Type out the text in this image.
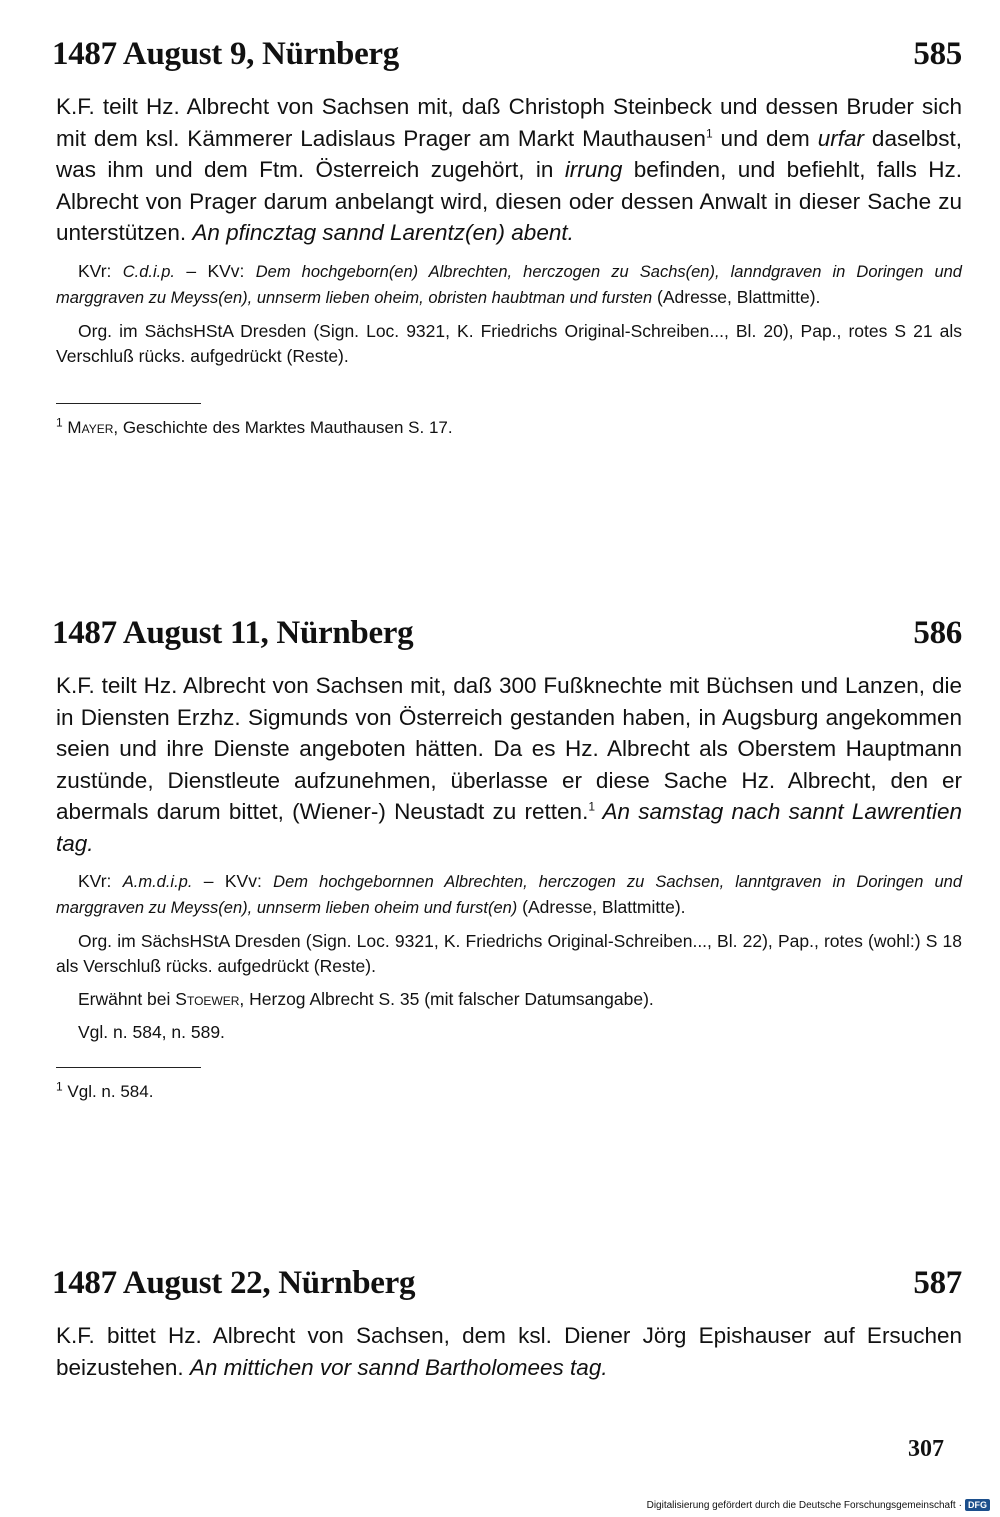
1487 August 9, Nürnberg	585

K.F. teilt Hz. Albrecht von Sachsen mit, daß Christoph Steinbeck und dessen Bruder sich mit dem ksl. Kämmerer Ladislaus Prager am Markt Mauthausen$^1$ und dem urfar daselbst, was ihm und dem Ftm. Österreich zugehört, in irrung befinden, und befiehlt, falls Hz. Albrecht von Prager darum anbelangt wird, diesen oder dessen Anwalt in dieser Sache zu unterstützen. An pfincztag sannd Larentz(en) abent.

KVr: C.d.i.p. – KVv: Dem hochgeborn(en) Albrechten, herczogen zu Sachs(en), lanndgraven in Doringen und marggraven zu Meyss(en), unnserm lieben oheim, obristen haubtman und fursten (Adresse, Blattmitte).

Org. im SächsHStA Dresden (Sign. Loc. 9321, K. Friedrichs Original-Schreiben..., Bl. 20), Pap., rotes S 21 als Verschluß rücks. aufgedrückt (Reste).

$^1$ Mayer, Geschichte des Marktes Mauthausen S. 17.
1487 August 11, Nürnberg	586

K.F. teilt Hz. Albrecht von Sachsen mit, daß 300 Fußknechte mit Büchsen und Lanzen, die in Diensten Erzhz. Sigmunds von Österreich gestanden haben, in Augsburg angekommen seien und ihre Dienste angeboten hätten. Da es Hz. Albrecht als Oberstem Hauptmann zustünde, Dienstleute aufzunehmen, überlasse er diese Sache Hz. Albrecht, den er abermals darum bittet, (Wiener-) Neustadt zu retten.$^1$ An samstag nach sannt Lawrentien tag.

KVr: A.m.d.i.p. – KVv: Dem hochgebornnen Albrechten, herczogen zu Sachsen, lanntgraven in Doringen und marggraven zu Meyss(en), unnserm lieben oheim und furst(en) (Adresse, Blattmitte).

Org. im SächsHStA Dresden (Sign. Loc. 9321, K. Friedrichs Original-Schreiben..., Bl. 22), Pap., rotes (wohl:) S 18 als Verschluß rücks. aufgedrückt (Reste).

Erwähnt bei Stoewer, Herzog Albrecht S. 35 (mit falscher Datumsangabe).

Vgl. n. 584, n. 589.

$^1$ Vgl. n. 584.
1487 August 22, Nürnberg	587

K.F. bittet Hz. Albrecht von Sachsen, dem ksl. Diener Jörg Epishauser auf Ersuchen beizustehen. An mittichen vor sannd Bartholomees tag.

307
Digitalisierung gefördert durch die Deutsche Forschungsgemeinschaft · DFG
